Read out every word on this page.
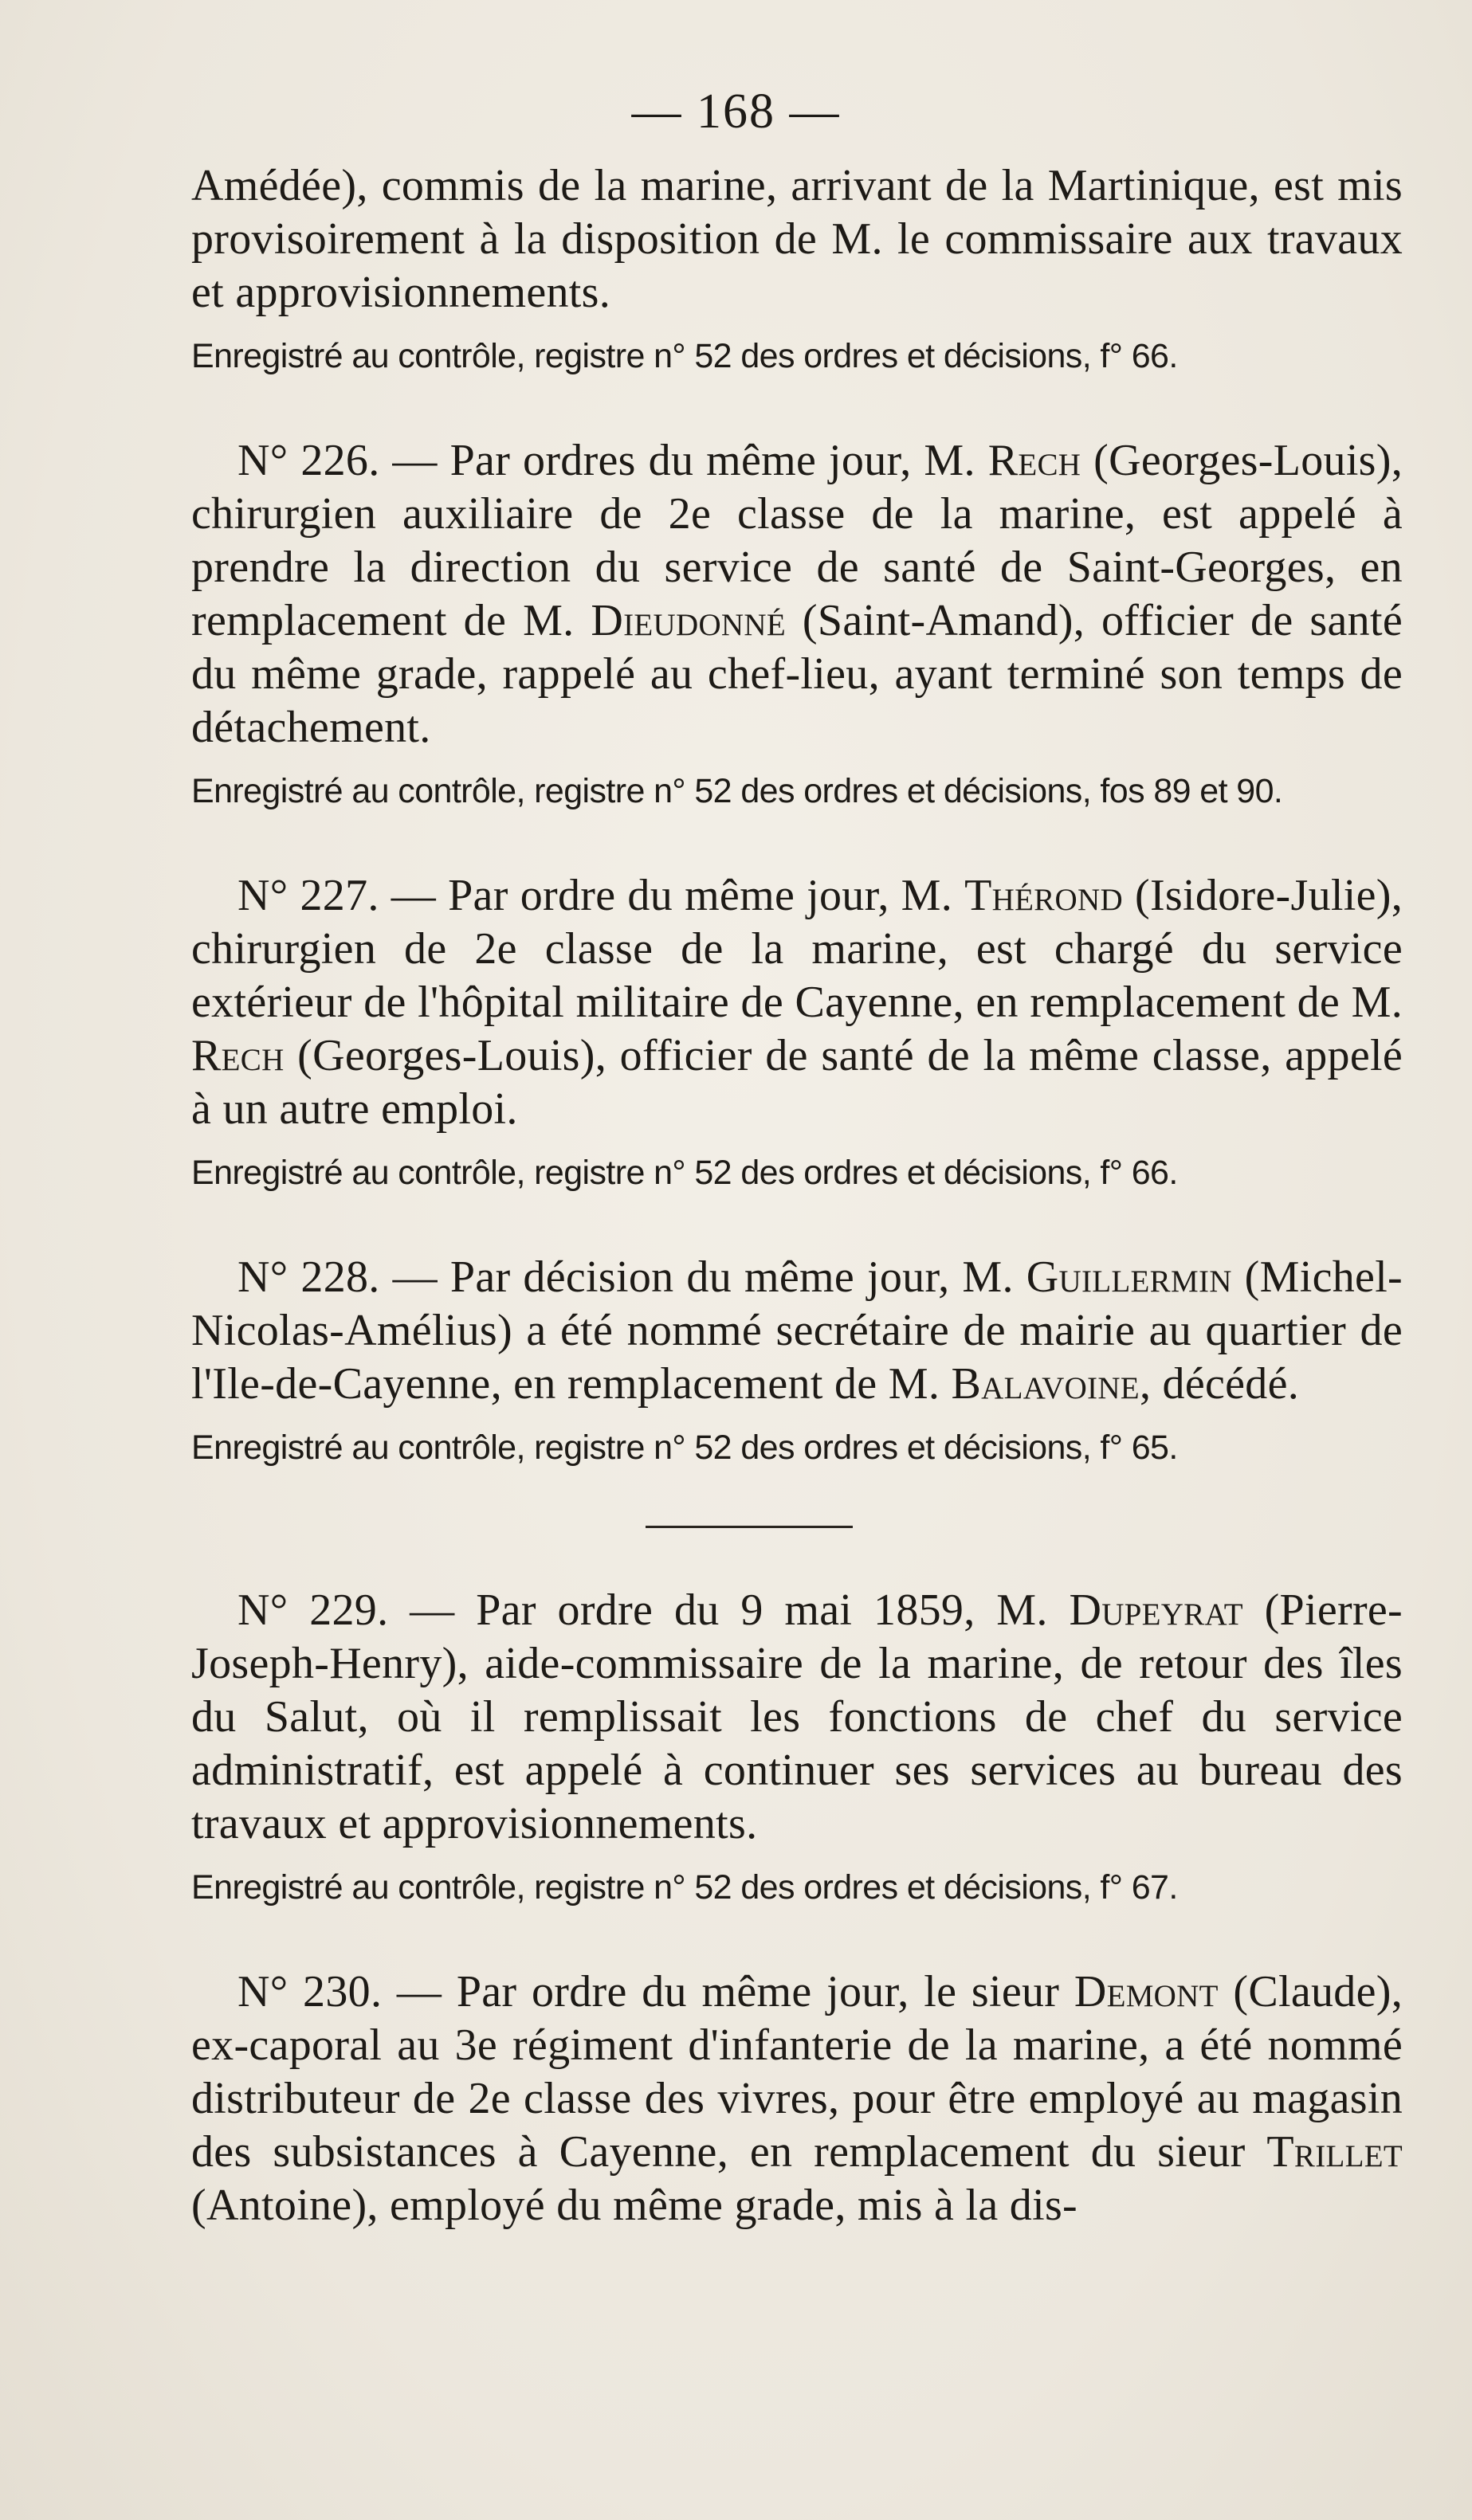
— 168 —

Amédée), commis de la marine, arrivant de la Martinique, est mis provisoirement à la disposition de M. le commissaire aux travaux et approvisionnements.

Enregistré au contrôle, registre n° 52 des ordres et décisions, f° 66.

N° 226. — Par ordres du même jour, M. Rech (Georges-Louis), chirurgien auxiliaire de 2e classe de la marine, est appelé à prendre la direction du service de santé de Saint-Georges, en remplacement de M. Dieudonné (Saint-Amand), officier de santé du même grade, rappelé au chef-lieu, ayant terminé son temps de détachement.

Enregistré au contrôle, registre n° 52 des ordres et décisions, fos 89 et 90.

N° 227. — Par ordre du même jour, M. Thérond (Isidore-Julie), chirurgien de 2e classe de la marine, est chargé du service extérieur de l'hôpital militaire de Cayenne, en remplacement de M. Rech (Georges-Louis), officier de santé de la même classe, appelé à un autre emploi.

Enregistré au contrôle, registre n° 52 des ordres et décisions, f° 66.

N° 228. — Par décision du même jour, M. Guillermin (Michel-Nicolas-Amélius) a été nommé secrétaire de mairie au quartier de l'Ile-de-Cayenne, en remplacement de M. Balavoine, décédé.

Enregistré au contrôle, registre n° 52 des ordres et décisions, f° 65.

N° 229. — Par ordre du 9 mai 1859, M. Dupeyrat (Pierre-Joseph-Henry), aide-commissaire de la marine, de retour des îles du Salut, où il remplissait les fonctions de chef du service administratif, est appelé à continuer ses services au bureau des travaux et approvisionnements.

Enregistré au contrôle, registre n° 52 des ordres et décisions, f° 67.

N° 230. — Par ordre du même jour, le sieur Demont (Claude), ex-caporal au 3e régiment d'infanterie de la marine, a été nommé distributeur de 2e classe des vivres, pour être employé au magasin des subsistances à Cayenne, en remplacement du sieur Trillet (Antoine), employé du même grade, mis à la dis-
